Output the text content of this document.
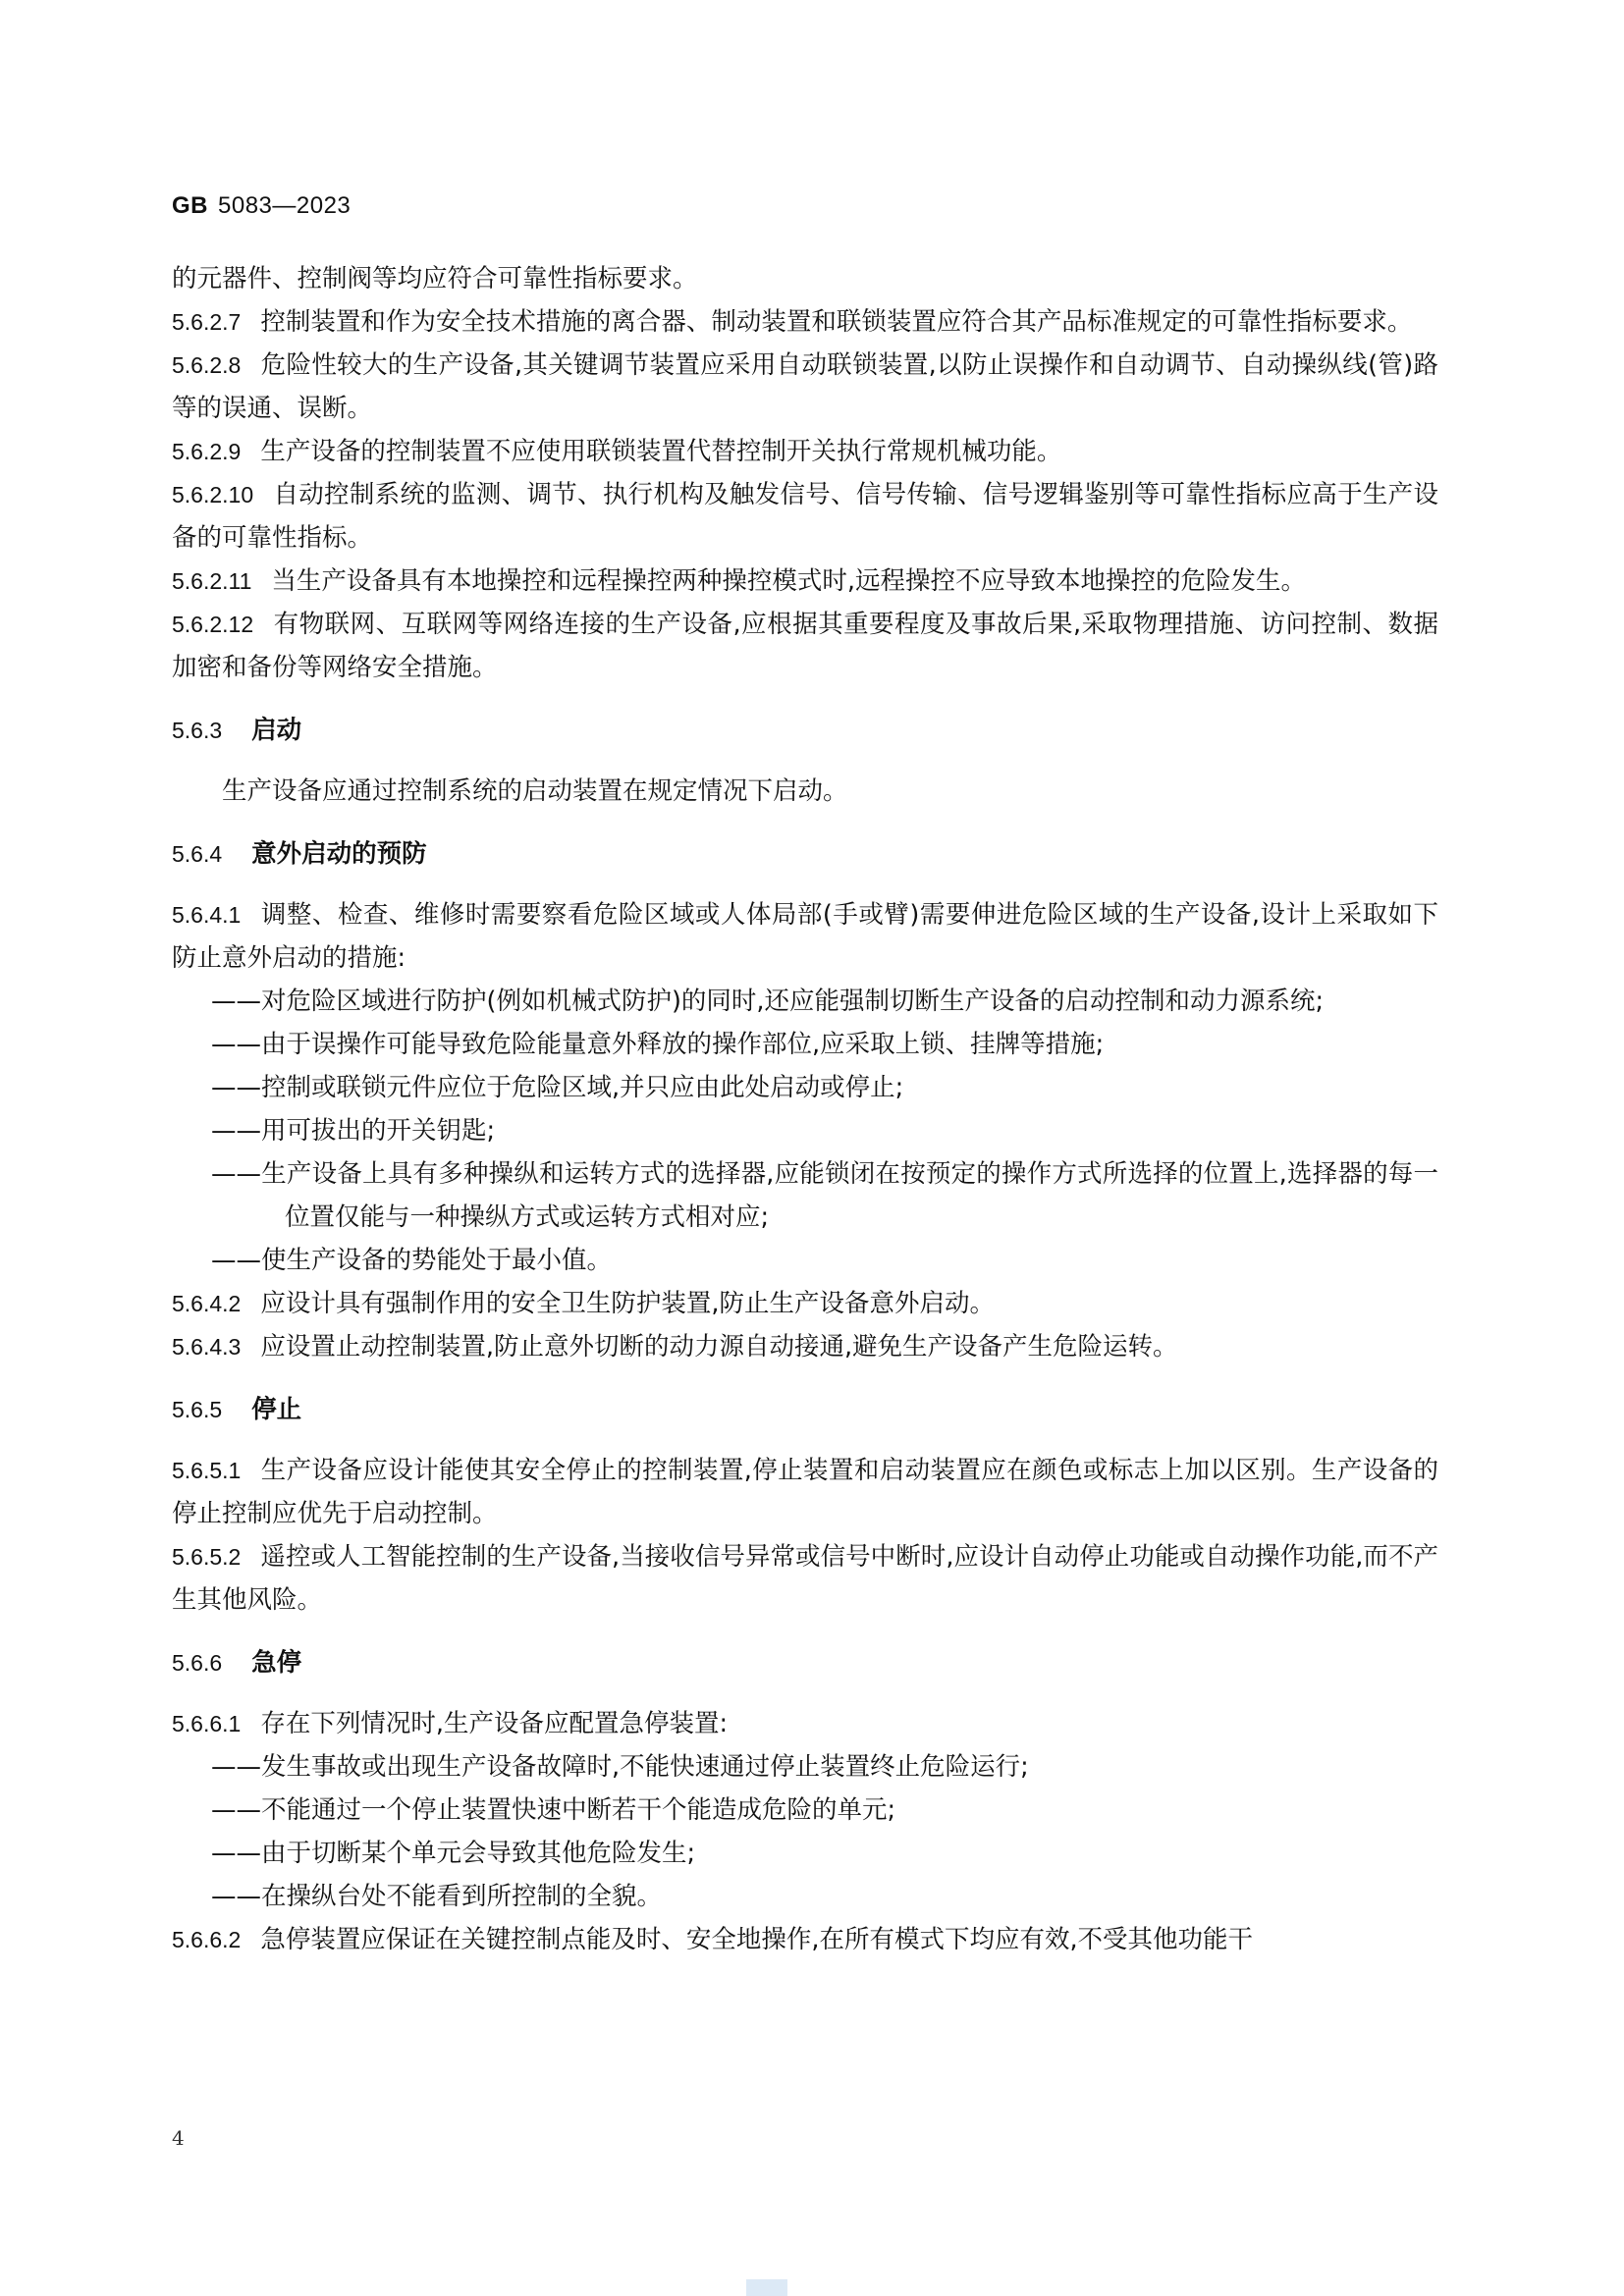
GB 5083—2023

的元器件、控制阀等均应符合可靠性指标要求。

5.6.2.7 控制装置和作为安全技术措施的离合器、制动装置和联锁装置应符合其产品标准规定的可靠性指标要求。

5.6.2.8 危险性较大的生产设备,其关键调节装置应采用自动联锁装置,以防止误操作和自动调节、自动操纵线(管)路等的误通、误断。

5.6.2.9 生产设备的控制装置不应使用联锁装置代替控制开关执行常规机械功能。

5.6.2.10 自动控制系统的监测、调节、执行机构及触发信号、信号传输、信号逻辑鉴别等可靠性指标应高于生产设备的可靠性指标。

5.6.2.11 当生产设备具有本地操控和远程操控两种操控模式时,远程操控不应导致本地操控的危险发生。

5.6.2.12 有物联网、互联网等网络连接的生产设备,应根据其重要程度及事故后果,采取物理措施、访问控制、数据加密和备份等网络安全措施。

5.6.3 启动

生产设备应通过控制系统的启动装置在规定情况下启动。

5.6.4 意外启动的预防

5.6.4.1 调整、检查、维修时需要察看危险区域或人体局部(手或臂)需要伸进危险区域的生产设备,设计上采取如下防止意外启动的措施:

——对危险区域进行防护(例如机械式防护)的同时,还应能强制切断生产设备的启动控制和动力源系统;

——由于误操作可能导致危险能量意外释放的操作部位,应采取上锁、挂牌等措施;

——控制或联锁元件应位于危险区域,并只应由此处启动或停止;

——用可拔出的开关钥匙;

——生产设备上具有多种操纵和运转方式的选择器,应能锁闭在按预定的操作方式所选择的位置上,选择器的每一位置仅能与一种操纵方式或运转方式相对应;

——使生产设备的势能处于最小值。

5.6.4.2 应设计具有强制作用的安全卫生防护装置,防止生产设备意外启动。

5.6.4.3 应设置止动控制装置,防止意外切断的动力源自动接通,避免生产设备产生危险运转。

5.6.5 停止

5.6.5.1 生产设备应设计能使其安全停止的控制装置,停止装置和启动装置应在颜色或标志上加以区别。生产设备的停止控制应优先于启动控制。

5.6.5.2 遥控或人工智能控制的生产设备,当接收信号异常或信号中断时,应设计自动停止功能或自动操作功能,而不产生其他风险。

5.6.6 急停

5.6.6.1 存在下列情况时,生产设备应配置急停装置:

——发生事故或出现生产设备故障时,不能快速通过停止装置终止危险运行;

——不能通过一个停止装置快速中断若干个能造成危险的单元;

——由于切断某个单元会导致其他危险发生;

——在操纵台处不能看到所控制的全貌。

5.6.6.2 急停装置应保证在关键控制点能及时、安全地操作,在所有模式下均应有效,不受其他功能干

4
